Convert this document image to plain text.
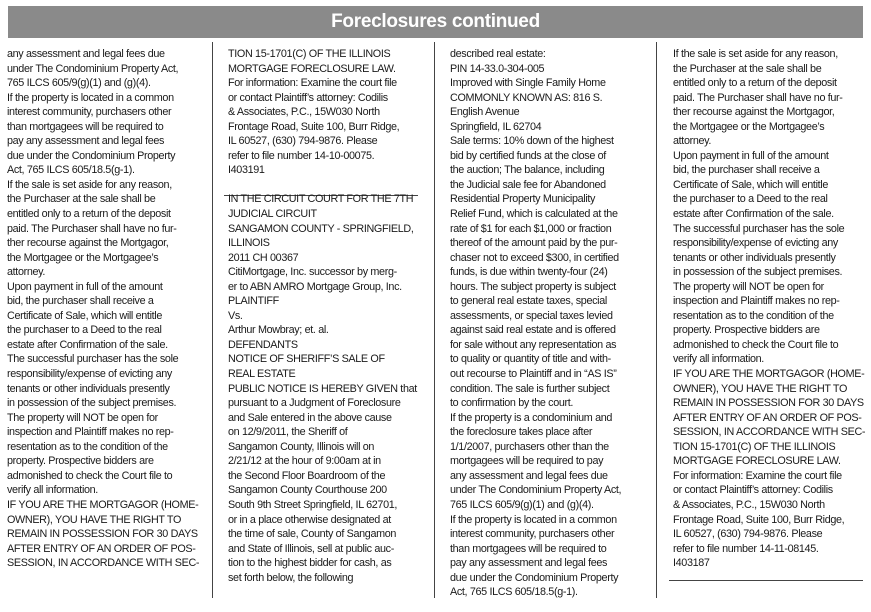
Foreclosures continued
any assessment and legal fees due
under The Condominium Property Act,
765 ILCS 605/9(g)(1) and (g)(4).
If the property is located in a common
interest community, purchasers other
than mortgagees will be required to
pay any assessment and legal fees
due under the Condominium Property
Act, 765 ILCS 605/18.5(g-1).
If the sale is set aside for any reason,
the Purchaser at the sale shall be
entitled only to a return of the deposit
paid. The Purchaser shall have no fur-
ther recourse against the Mortgagor,
the Mortgagee or the Mortgagee’s
attorney.
Upon payment in full of the amount
bid, the purchaser shall receive a
Certificate of Sale, which will entitle
the purchaser to a Deed to the real
estate after Confirmation of the sale.
The successful purchaser has the sole
responsibility/expense of evicting any
tenants or other individuals presently
in possession of the subject premises.
The property will NOT be open for
inspection and Plaintiff makes no rep-
resentation as to the condition of the
property. Prospective bidders are
admonished to check the Court file to
verify all information.
IF YOU ARE THE MORTGAGOR (HOME-
OWNER), YOU HAVE THE RIGHT TO
REMAIN IN POSSESSION FOR 30 DAYS
AFTER ENTRY OF AN ORDER OF POS-
SESSION, IN ACCORDANCE WITH SEC-
TION 15-1701(C) OF THE ILLINOIS
MORTGAGE FORECLOSURE LAW.
For information: Examine the court file
or contact Plaintiff’s attorney: Codilis
& Associates, P.C., 15W030 North
Frontage Road, Suite 100, Burr Ridge,
IL 60527, (630) 794-9876. Please
refer to file number 14-10-00075.
I403191
IN THE CIRCUIT COURT FOR THE 7TH
JUDICIAL CIRCUIT
SANGAMON COUNTY - SPRINGFIELD,
ILLINOIS
2011 CH 00367
CitiMortgage, Inc. successor by merg-
er to ABN AMRO Mortgage Group, Inc.
PLAINTIFF
Vs.
Arthur Mowbray; et. al.
DEFENDANTS
NOTICE OF SHERIFF’S SALE OF
REAL ESTATE
PUBLIC NOTICE IS HEREBY GIVEN that
pursuant to a Judgment of Foreclosure
and Sale entered in the above cause
on 12/9/2011, the Sheriff of
Sangamon County, Illinois will on
2/21/12 at the hour of 9:00am at in
the Second Floor Boardroom of the
Sangamon County Courthouse 200
South 9th Street Springfield, IL 62701,
or in a place otherwise designated at
the time of sale, County of Sangamon
and State of Illinois, sell at public auc-
tion to the highest bidder for cash, as
set forth below, the following
described real estate:
PIN 14-33.0-304-005
Improved with Single Family Home
COMMONLY KNOWN AS: 816 S.
English Avenue
Springfield, IL 62704
Sale terms: 10% down of the highest
bid by certified funds at the close of
the auction; The balance, including
the Judicial sale fee for Abandoned
Residential Property Municipality
Relief Fund, which is calculated at the
rate of $1 for each $1,000 or fraction
thereof of the amount paid by the pur-
chaser not to exceed $300, in certified
funds, is due within twenty-four (24)
hours. The subject property is subject
to general real estate taxes, special
assessments, or special taxes levied
against said real estate and is offered
for sale without any representation as
to quality or quantity of title and with-
out recourse to Plaintiff and in “AS IS”
condition. The sale is further subject
to confirmation by the court.
If the property is a condominium and
the foreclosure takes place after
1/1/2007, purchasers other than the
mortgagees will be required to pay
any assessment and legal fees due
under The Condominium Property Act,
765 ILCS 605/9(g)(1) and (g)(4).
If the property is located in a common
interest community, purchasers other
than mortgagees will be required to
pay any assessment and legal fees
due under the Condominium Property
Act, 765 ILCS 605/18.5(g-1).
If the sale is set aside for any reason,
the Purchaser at the sale shall be
entitled only to a return of the deposit
paid. The Purchaser shall have no fur-
ther recourse against the Mortgagor,
the Mortgagee or the Mortgagee’s
attorney.
Upon payment in full of the amount
bid, the purchaser shall receive a
Certificate of Sale, which will entitle
the purchaser to a Deed to the real
estate after Confirmation of the sale.
The successful purchaser has the sole
responsibility/expense of evicting any
tenants or other individuals presently
in possession of the subject premises.
The property will NOT be open for
inspection and Plaintiff makes no rep-
resentation as to the condition of the
property. Prospective bidders are
admonished to check the Court file to
verify all information.
IF YOU ARE THE MORTGAGOR (HOME-
OWNER), YOU HAVE THE RIGHT TO
REMAIN IN POSSESSION FOR 30 DAYS
AFTER ENTRY OF AN ORDER OF POS-
SESSION, IN ACCORDANCE WITH SEC-
TION 15-1701(C) OF THE ILLINOIS
MORTGAGE FORECLOSURE LAW.
For information: Examine the court file
or contact Plaintiff’s attorney: Codilis
& Associates, P.C., 15W030 North
Frontage Road, Suite 100, Burr Ridge,
IL 60527, (630) 794-9876. Please
refer to file number 14-11-08145.
I403187
